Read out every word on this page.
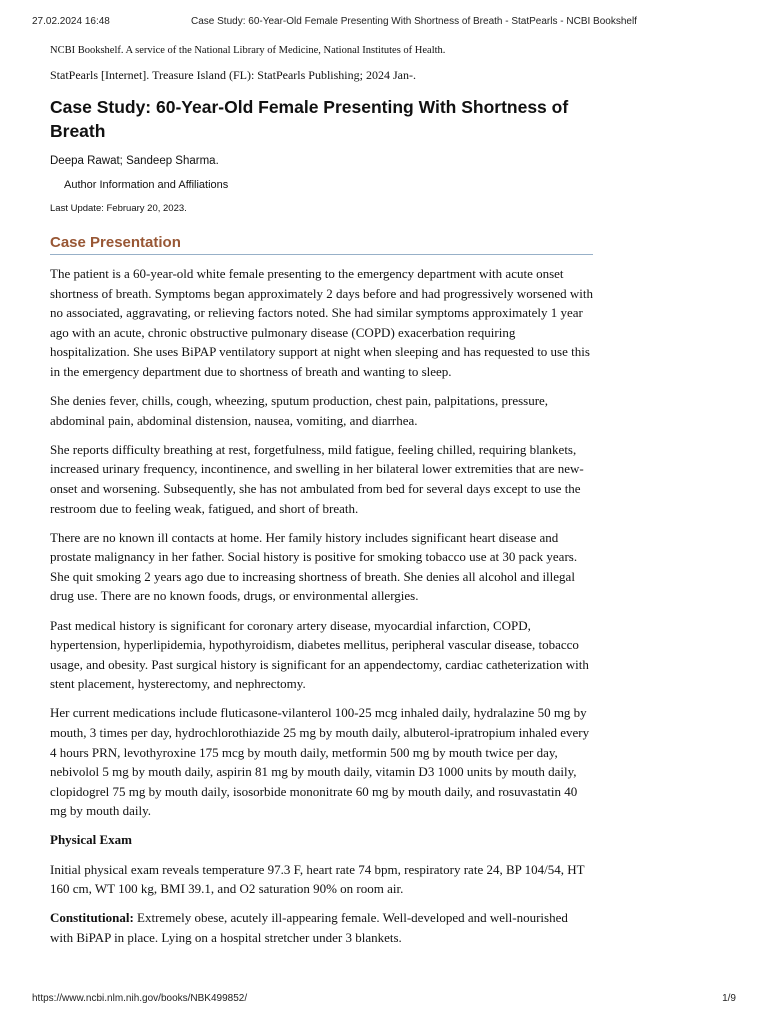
27.02.2024 16:48	Case Study: 60-Year-Old Female Presenting With Shortness of Breath - StatPearls - NCBI Bookshelf

NCBI Bookshelf. A service of the National Library of Medicine, National Institutes of Health.

StatPearls [Internet]. Treasure Island (FL): StatPearls Publishing; 2024 Jan-.

Case Study: 60-Year-Old Female Presenting With Shortness of Breath

Deepa Rawat; Sandeep Sharma.

Author Information and Affiliations

Last Update: February 20, 2023.

Case Presentation

The patient is a 60-year-old white female presenting to the emergency department with acute onset shortness of breath. Symptoms began approximately 2 days before and had progressively worsened with no associated, aggravating, or relieving factors noted. She had similar symptoms approximately 1 year ago with an acute, chronic obstructive pulmonary disease (COPD) exacerbation requiring hospitalization. She uses BiPAP ventilatory support at night when sleeping and has requested to use this in the emergency department due to shortness of breath and wanting to sleep.

She denies fever, chills, cough, wheezing, sputum production, chest pain, palpitations, pressure, abdominal pain, abdominal distension, nausea, vomiting, and diarrhea.

She reports difficulty breathing at rest, forgetfulness, mild fatigue, feeling chilled, requiring blankets, increased urinary frequency, incontinence, and swelling in her bilateral lower extremities that are new-onset and worsening. Subsequently, she has not ambulated from bed for several days except to use the restroom due to feeling weak, fatigued, and short of breath.

There are no known ill contacts at home. Her family history includes significant heart disease and prostate malignancy in her father. Social history is positive for smoking tobacco use at 30 pack years. She quit smoking 2 years ago due to increasing shortness of breath. She denies all alcohol and illegal drug use. There are no known foods, drugs, or environmental allergies.

Past medical history is significant for coronary artery disease, myocardial infarction, COPD, hypertension, hyperlipidemia, hypothyroidism, diabetes mellitus, peripheral vascular disease, tobacco usage, and obesity. Past surgical history is significant for an appendectomy, cardiac catheterization with stent placement, hysterectomy, and nephrectomy.

Her current medications include fluticasone-vilanterol 100-25 mcg inhaled daily, hydralazine 50 mg by mouth, 3 times per day, hydrochlorothiazide 25 mg by mouth daily, albuterol-ipratropium inhaled every 4 hours PRN, levothyroxine 175 mcg by mouth daily, metformin 500 mg by mouth twice per day, nebivolol 5 mg by mouth daily, aspirin 81 mg by mouth daily, vitamin D3 1000 units by mouth daily, clopidogrel 75 mg by mouth daily, isosorbide mononitrate 60 mg by mouth daily, and rosuvastatin 40 mg by mouth daily.

Physical Exam

Initial physical exam reveals temperature 97.3 F, heart rate 74 bpm, respiratory rate 24, BP 104/54, HT 160 cm, WT 100 kg, BMI 39.1, and O2 saturation 90% on room air.

Constitutional: Extremely obese, acutely ill-appearing female. Well-developed and well-nourished with BiPAP in place. Lying on a hospital stretcher under 3 blankets.

https://www.ncbi.nlm.nih.gov/books/NBK499852/	1/9
